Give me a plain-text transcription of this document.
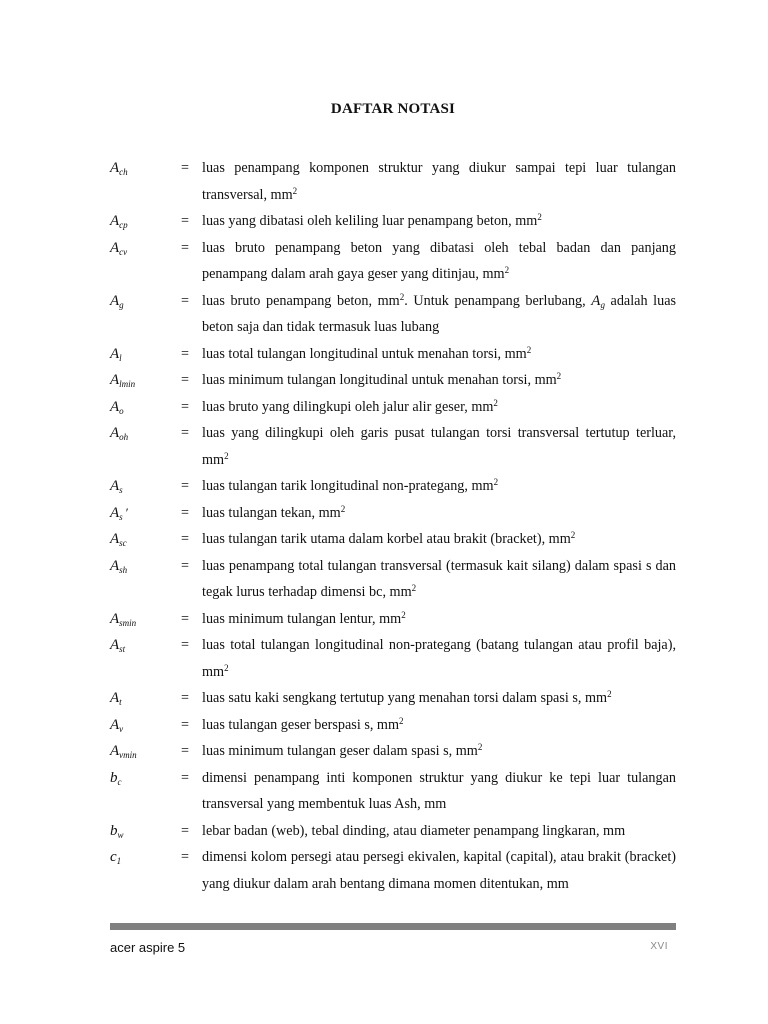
DAFTAR NOTASI
$A_{ch}$	= luas penampang komponen struktur yang diukur sampai tepi luar tulangan transversal, $mm^2$
$A_{cp}$	= luas yang dibatasi oleh keliling luar penampang beton, $mm^2$
$A_{cv}$	= luas bruto penampang beton yang dibatasi oleh tebal badan dan panjang penampang dalam arah gaya geser yang ditinjau, $mm^2$
$A_g$	= luas bruto penampang beton, $mm^2$. Untuk penampang berlubang, $A_g$ adalah luas beton saja dan tidak termasuk luas lubang
$A_l$	= luas total tulangan longitudinal untuk menahan torsi, $mm^2$
$A_{lmin}$	= luas minimum tulangan longitudinal untuk menahan torsi, $mm^2$
$A_o$	= luas bruto yang dilingkupi oleh jalur alir geser, $mm^2$
$A_{oh}$	= luas yang dilingkupi oleh garis pusat tulangan torsi transversal tertutup terluar, $mm^2$
$A_s$	= luas tulangan tarik longitudinal non-prategang, $mm^2$
$A_s$ ′	= luas tulangan tekan, $mm^2$
$A_{sc}$	= luas tulangan tarik utama dalam korbel atau brakit (bracket), $mm^2$
$A_{sh}$	= luas penampang total tulangan transversal (termasuk kait silang) dalam spasi s dan tegak lurus terhadap dimensi bc, $mm^2$
$A_{smin}$	= luas minimum tulangan lentur, $mm^2$
$A_{st}$	= luas total tulangan longitudinal non-prategang (batang tulangan atau profil baja), $mm^2$
$A_t$	= luas satu kaki sengkang tertutup yang menahan torsi dalam spasi s, $mm^2$
$A_v$	= luas tulangan geser berspasi s, $mm^2$
$A_{vmin}$	= luas minimum tulangan geser dalam spasi s, $mm^2$
$b_c$	= dimensi penampang inti komponen struktur yang diukur ke tepi luar tulangan transversal yang membentuk luas Ash, mm
$b_w$	= lebar badan (web), tebal dinding, atau diameter penampang lingkaran, mm
$c_1$	= dimensi kolom persegi atau persegi ekivalen, kapital (capital), atau brakit (bracket) yang diukur dalam arah bentang dimana momen ditentukan, mm
acer aspire 5	XVI
